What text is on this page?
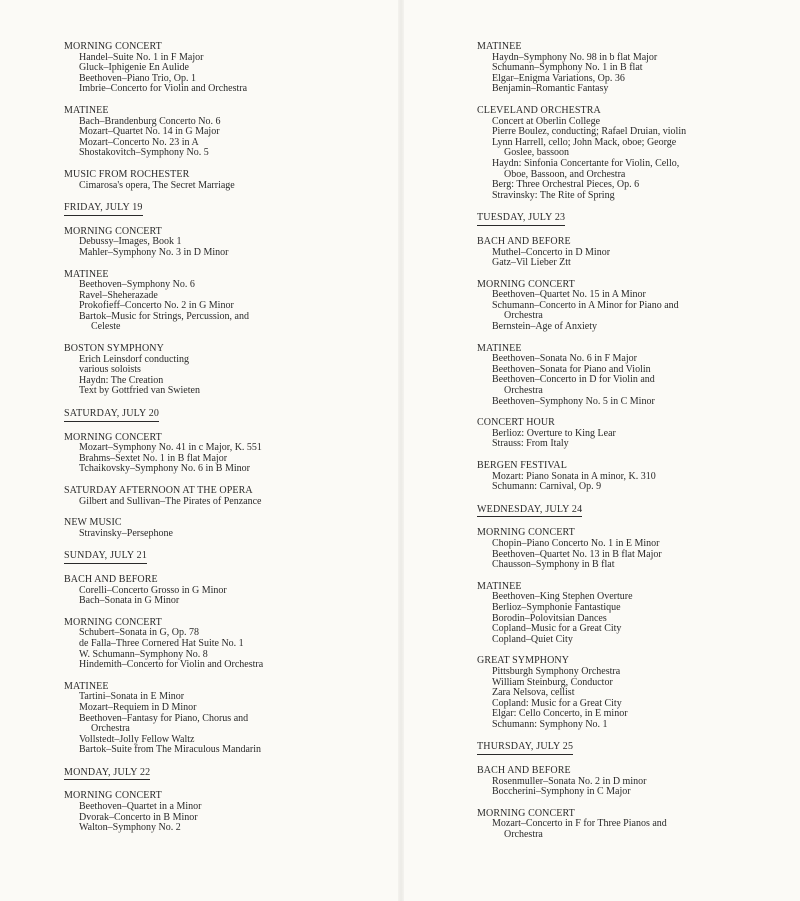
MORNING CONCERT
Handel–Suite No. 1 in F Major
Gluck–Iphigenie En Aulide
Beethoven–Piano Trio, Op. 1
Imbrie–Concerto for Violin and Orchestra
MATINEE
Bach–Brandenburg Concerto No. 6
Mozart–Quartet No. 14 in G Major
Mozart–Concerto No. 23 in A
Shostakovitch–Symphony No. 5
MUSIC FROM ROCHESTER
Cimarosa's opera, The Secret Marriage
FRIDAY, JULY 19
MORNING CONCERT
Debussy–Images, Book 1
Mahler–Symphony No. 3 in D Minor
MATINEE
Beethoven–Symphony No. 6
Ravel–Sheherazade
Prokofieff–Concerto No. 2 in G Minor
Bartok–Music for Strings, Percussion, and
Celeste
BOSTON SYMPHONY
Erich Leinsdorf conducting
various soloists
Haydn: The Creation
Text by Gottfried van Swieten
SATURDAY, JULY 20
MORNING CONCERT
Mozart–Symphony No. 41 in c Major, K. 551
Brahms–Sextet No. 1 in B flat Major
Tchaikovsky–Symphony No. 6 in B Minor
SATURDAY AFTERNOON AT THE OPERA
Gilbert and Sullivan–The Pirates of Penzance
NEW MUSIC
Stravinsky–Persephone
SUNDAY, JULY 21
BACH AND BEFORE
Corelli–Concerto Grosso in G Minor
Bach–Sonata in G Minor
MORNING CONCERT
Schubert–Sonata in G, Op. 78
de Falla–Three Cornered Hat Suite No. 1
W. Schumann–Symphony No. 8
Hindemith–Concerto for Violin and Orchestra
MATINEE
Tartini–Sonata in E Minor
Mozart–Requiem in D Minor
Beethoven–Fantasy for Piano, Chorus and
Orchestra
Vollstedt–Jolly Fellow Waltz
Bartok–Suite from The Miraculous Mandarin
MONDAY, JULY 22
MORNING CONCERT
Beethoven–Quartet in a Minor
Dvorak–Concerto in B Minor
Walton–Symphony No. 2
MATINEE
Haydn–Symphony No. 98 in b flat Major
Schumann–Symphony No. 1 in B flat
Elgar–Enigma Variations, Op. 36
Benjamin–Romantic Fantasy
CLEVELAND ORCHESTRA
Concert at Oberlin College
Pierre Boulez, conducting; Rafael Druian, violin
Lynn Harrell, cello; John Mack, oboe; George
Goslee, bassoon
Haydn: Sinfonia Concertante for Violin, Cello,
Oboe, Bassoon, and Orchestra
Berg: Three Orchestral Pieces, Op. 6
Stravinsky: The Rite of Spring
TUESDAY, JULY 23
BACH AND BEFORE
Muthel–Concerto in D Minor
Gatz–Vil Lieber Ztt
MORNING CONCERT
Beethoven–Quartet No. 15 in A Minor
Schumann–Concerto in A Minor for Piano and
Orchestra
Bernstein–Age of Anxiety
MATINEE
Beethoven–Sonata No. 6 in F Major
Beethoven–Sonata for Piano and Violin
Beethoven–Concerto in D for Violin and
Orchestra
Beethoven–Symphony No. 5 in C Minor
CONCERT HOUR
Berlioz: Overture to King Lear
Strauss: From Italy
BERGEN FESTIVAL
Mozart: Piano Sonata in A minor, K. 310
Schumann: Carnival, Op. 9
WEDNESDAY, JULY 24
MORNING CONCERT
Chopin–Piano Concerto No. 1 in E Minor
Beethoven–Quartet No. 13 in B flat Major
Chausson–Symphony in B flat
MATINEE
Beethoven–King Stephen Overture
Berlioz–Symphonie Fantastique
Borodin–Polovitsian Dances
Copland–Music for a Great City
Copland–Quiet City
GREAT SYMPHONY
Pittsburgh Symphony Orchestra
William Steinburg, Conductor
Zara Nelsova, cellist
Copland: Music for a Great City
Elgar: Cello Concerto, in E minor
Schumann: Symphony No. 1
THURSDAY, JULY 25
BACH AND BEFORE
Rosenmuller–Sonata No. 2 in D minor
Boccherini–Symphony in C Major
MORNING CONCERT
Mozart–Concerto in F for Three Pianos and
Orchestra
